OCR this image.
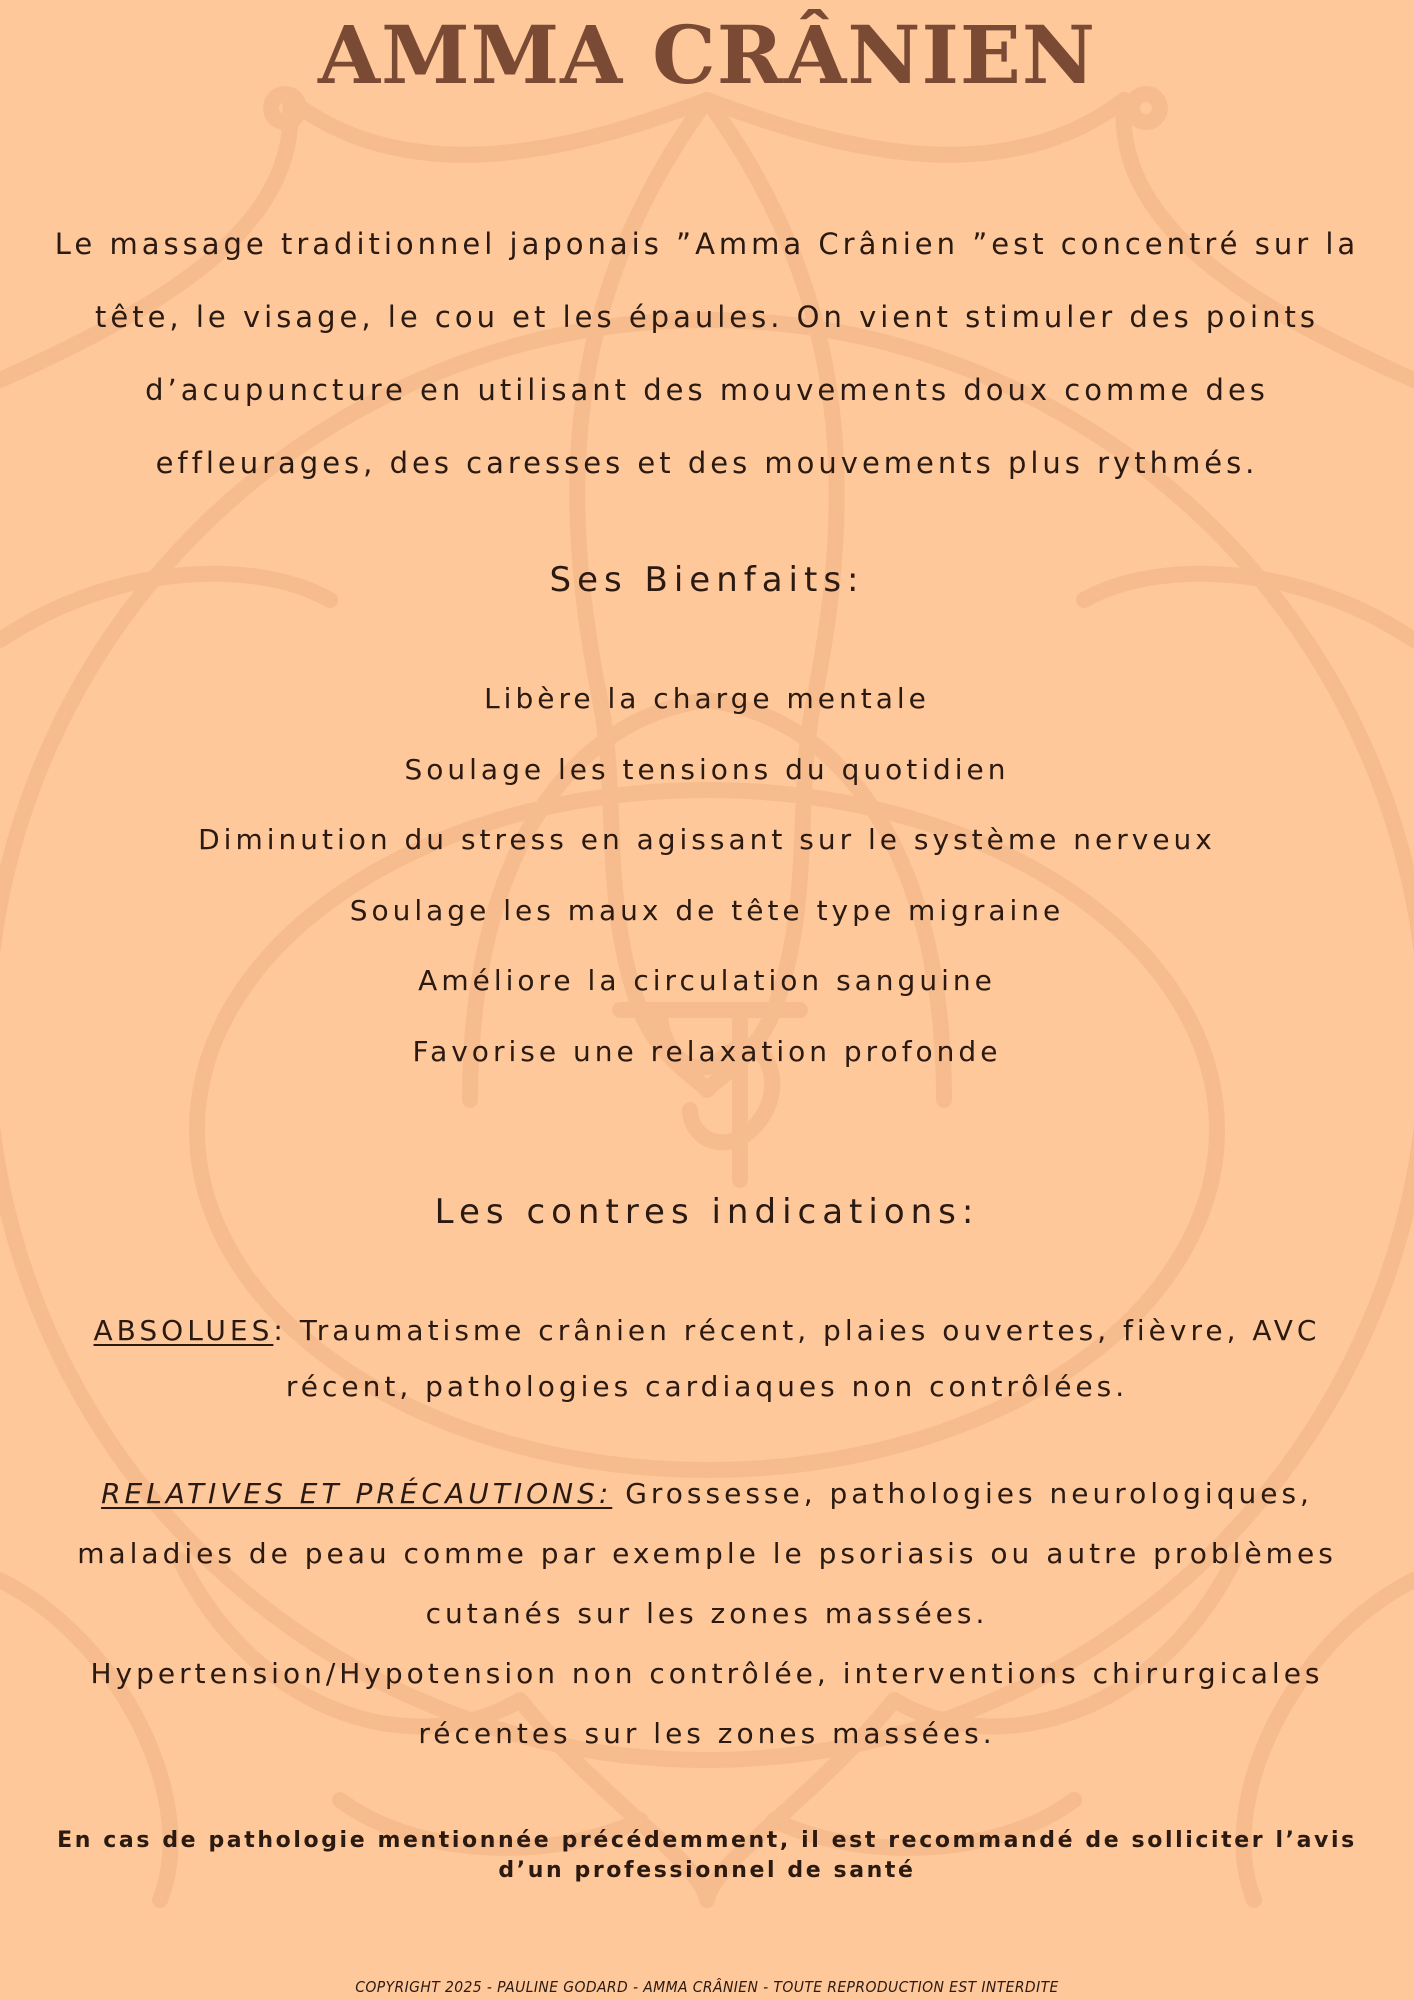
AMMA CRÂNIEN

Le massage traditionnel japonais ”Amma Crânien ”est concentré sur la
tête, le visage, le cou et les épaules. On vient stimuler des points
d’acupuncture en utilisant des mouvements doux comme des
effleurages, des caresses et des mouvements plus rythmés.

Ses Bienfaits:
Libère la charge mentale
Soulage les tensions du quotidien
Diminution du stress en agissant sur le système nerveux
Soulage les maux de tête type migraine
Améliore la circulation sanguine
Favorise une relaxation profonde
Les contres indications:

ABSOLUES: Traumatisme crânien récent, plaies ouvertes, fièvre, AVC
récent, pathologies cardiaques non contrôlées.

RELATIVES ET PRÉCAUTIONS: Grossesse, pathologies neurologiques,
maladies de peau comme par exemple le psoriasis ou autre problèmes
cutanés sur les zones massées.
Hypertension/Hypotension non contrôlée, interventions chirurgicales
récentes sur les zones massées.

En cas de pathologie mentionnée précédemment, il est recommandé de solliciter l’avis
d’un professionnel de santé

COPYRIGHT 2025 - PAULINE GODARD - AMMA CRÂNIEN - TOUTE REPRODUCTION EST INTERDITE
